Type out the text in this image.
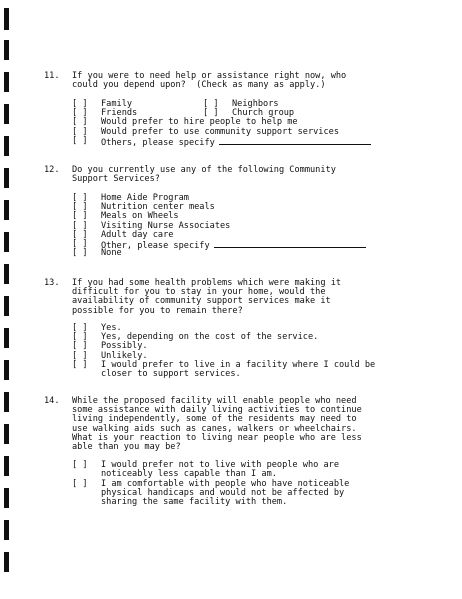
11.	If you were to need help or assistance right now, who
could you depend upon?  (Check as many as apply.)
[ ] Family	[ ] Neighbors
[ ] Friends	[ ] Church group
[ ] Would prefer to hire people to help me
[ ] Would prefer to use community support services
[ ] Others, please specify
12.	Do you currently use any of the following Community
Support Services?
[ ] Home Aide Program
[ ] Nutrition center meals
[ ] Meals on Wheels
[ ] Visiting Nurse Associates
[ ] Adult day care
[ ] Other, please specify
[ ] None
13.	If you had some health problems which were making it
difficult for you to stay in your home, would the
availability of community support services make it
possible for you to remain there?
[ ] Yes.
[ ] Yes, depending on the cost of the service.
[ ] Possibly.
[ ] Unlikely.
[ ] I would prefer to live in a facility where I could be
closer to support services.
14.	While the proposed facility will enable people who need
some assistance with daily living activities to continue
living independently, some of the residents may need to
use walking aids such as canes, walkers or wheelchairs.
What is your reaction to living near people who are less
able than you may be?
[ ] I would prefer not to live with people who are
noticeably less capable than I am.
[ ] I am comfortable with people who have noticeable
physical handicaps and would not be affected by
sharing the same facility with them.
